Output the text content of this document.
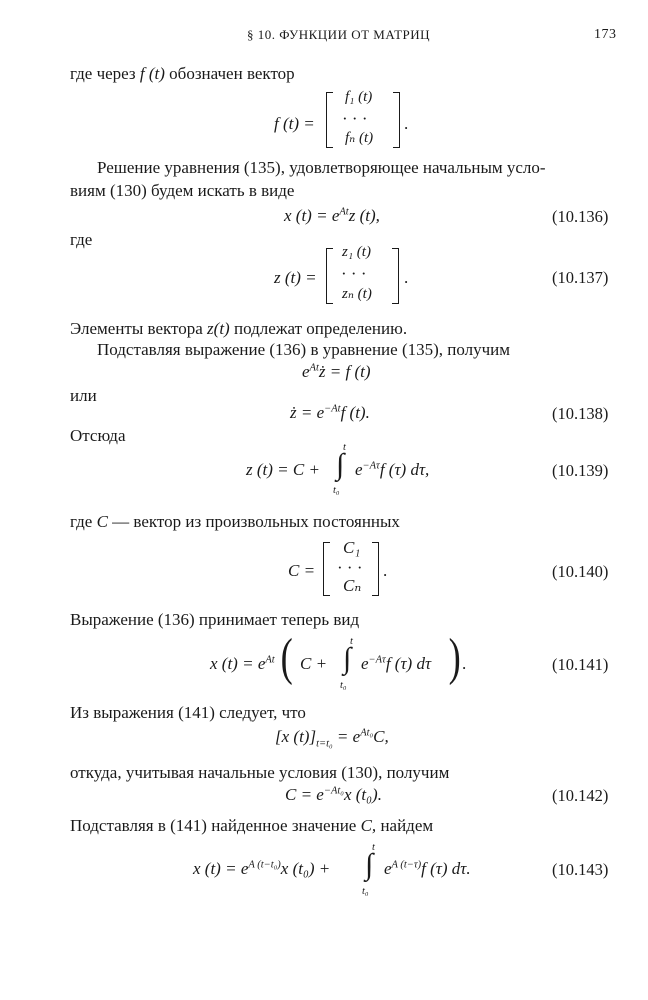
§ 10. ФУНКЦИИ ОТ МАТРИЦ	173
где через f (t) обозначен вектор
f (t) =
f₁ (t)
· · ·
fₙ (t)
.
Решение уравнения (135), удовлетворяющее начальным усло-
виям (130) будем искать в виде
x $(t) = e^{At}z$ (t),	(10.136)
где
z (t) =
z₁ (t)
· · ·
zₙ (t)
.	(10.137)
Элементы вектора z(t) подлежат определению.
Подставляя выражение (136) в уравнение (135), получим
$e^{At}ż = f$ (t)
или
ż = $e^{-At}f$ (t).	(10.138)
Отсюда
z (t) = C +
t
∫
t₀
$e^{-A\tau}f$ (τ) dτ,	(10.139)
где C — вектор из произвольных постоянных
C =
C₁
· · ·
Cₙ
.	(10.140)
Выражение (136) принимает теперь вид
x $(t) = e^{At}$ ( C +
t
∫
t₀
$e^{-A\tau}f$ (τ) dτ ) .	(10.141)
Из выражения (141) следует, что
[x $(t)]_{t=t_0} = e^{At_0}C$,
откуда, учитывая начальные условия (130), получим
$C = e^{-At_0}x$ (t₀).	(10.142)
Подставляя в (141) найденное значение C, найдем
x $(t) = e^{A (t-t_0)}x$ (t₀) +
t
∫
t₀
$e^{A (t-\tau)}f$ (τ) dτ.	(10.143)
